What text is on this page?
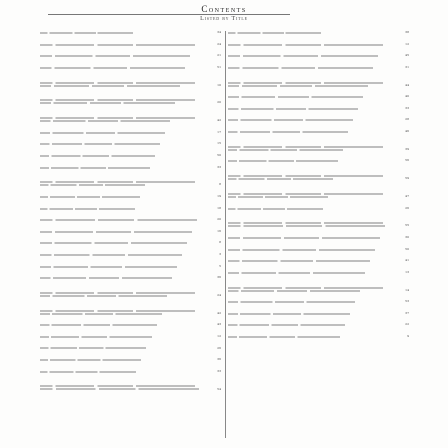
Contents
Listed by Title
34
24
21
51
10
20
42
17
15
50
33
8
19
18
20
16
8
3
5
36
24
42
43
12
26
36
33
54
38
12
45
31
44
40
33
28
46
39
56
59
47
26
55
30
50
41
13
14
53
37
22
9
